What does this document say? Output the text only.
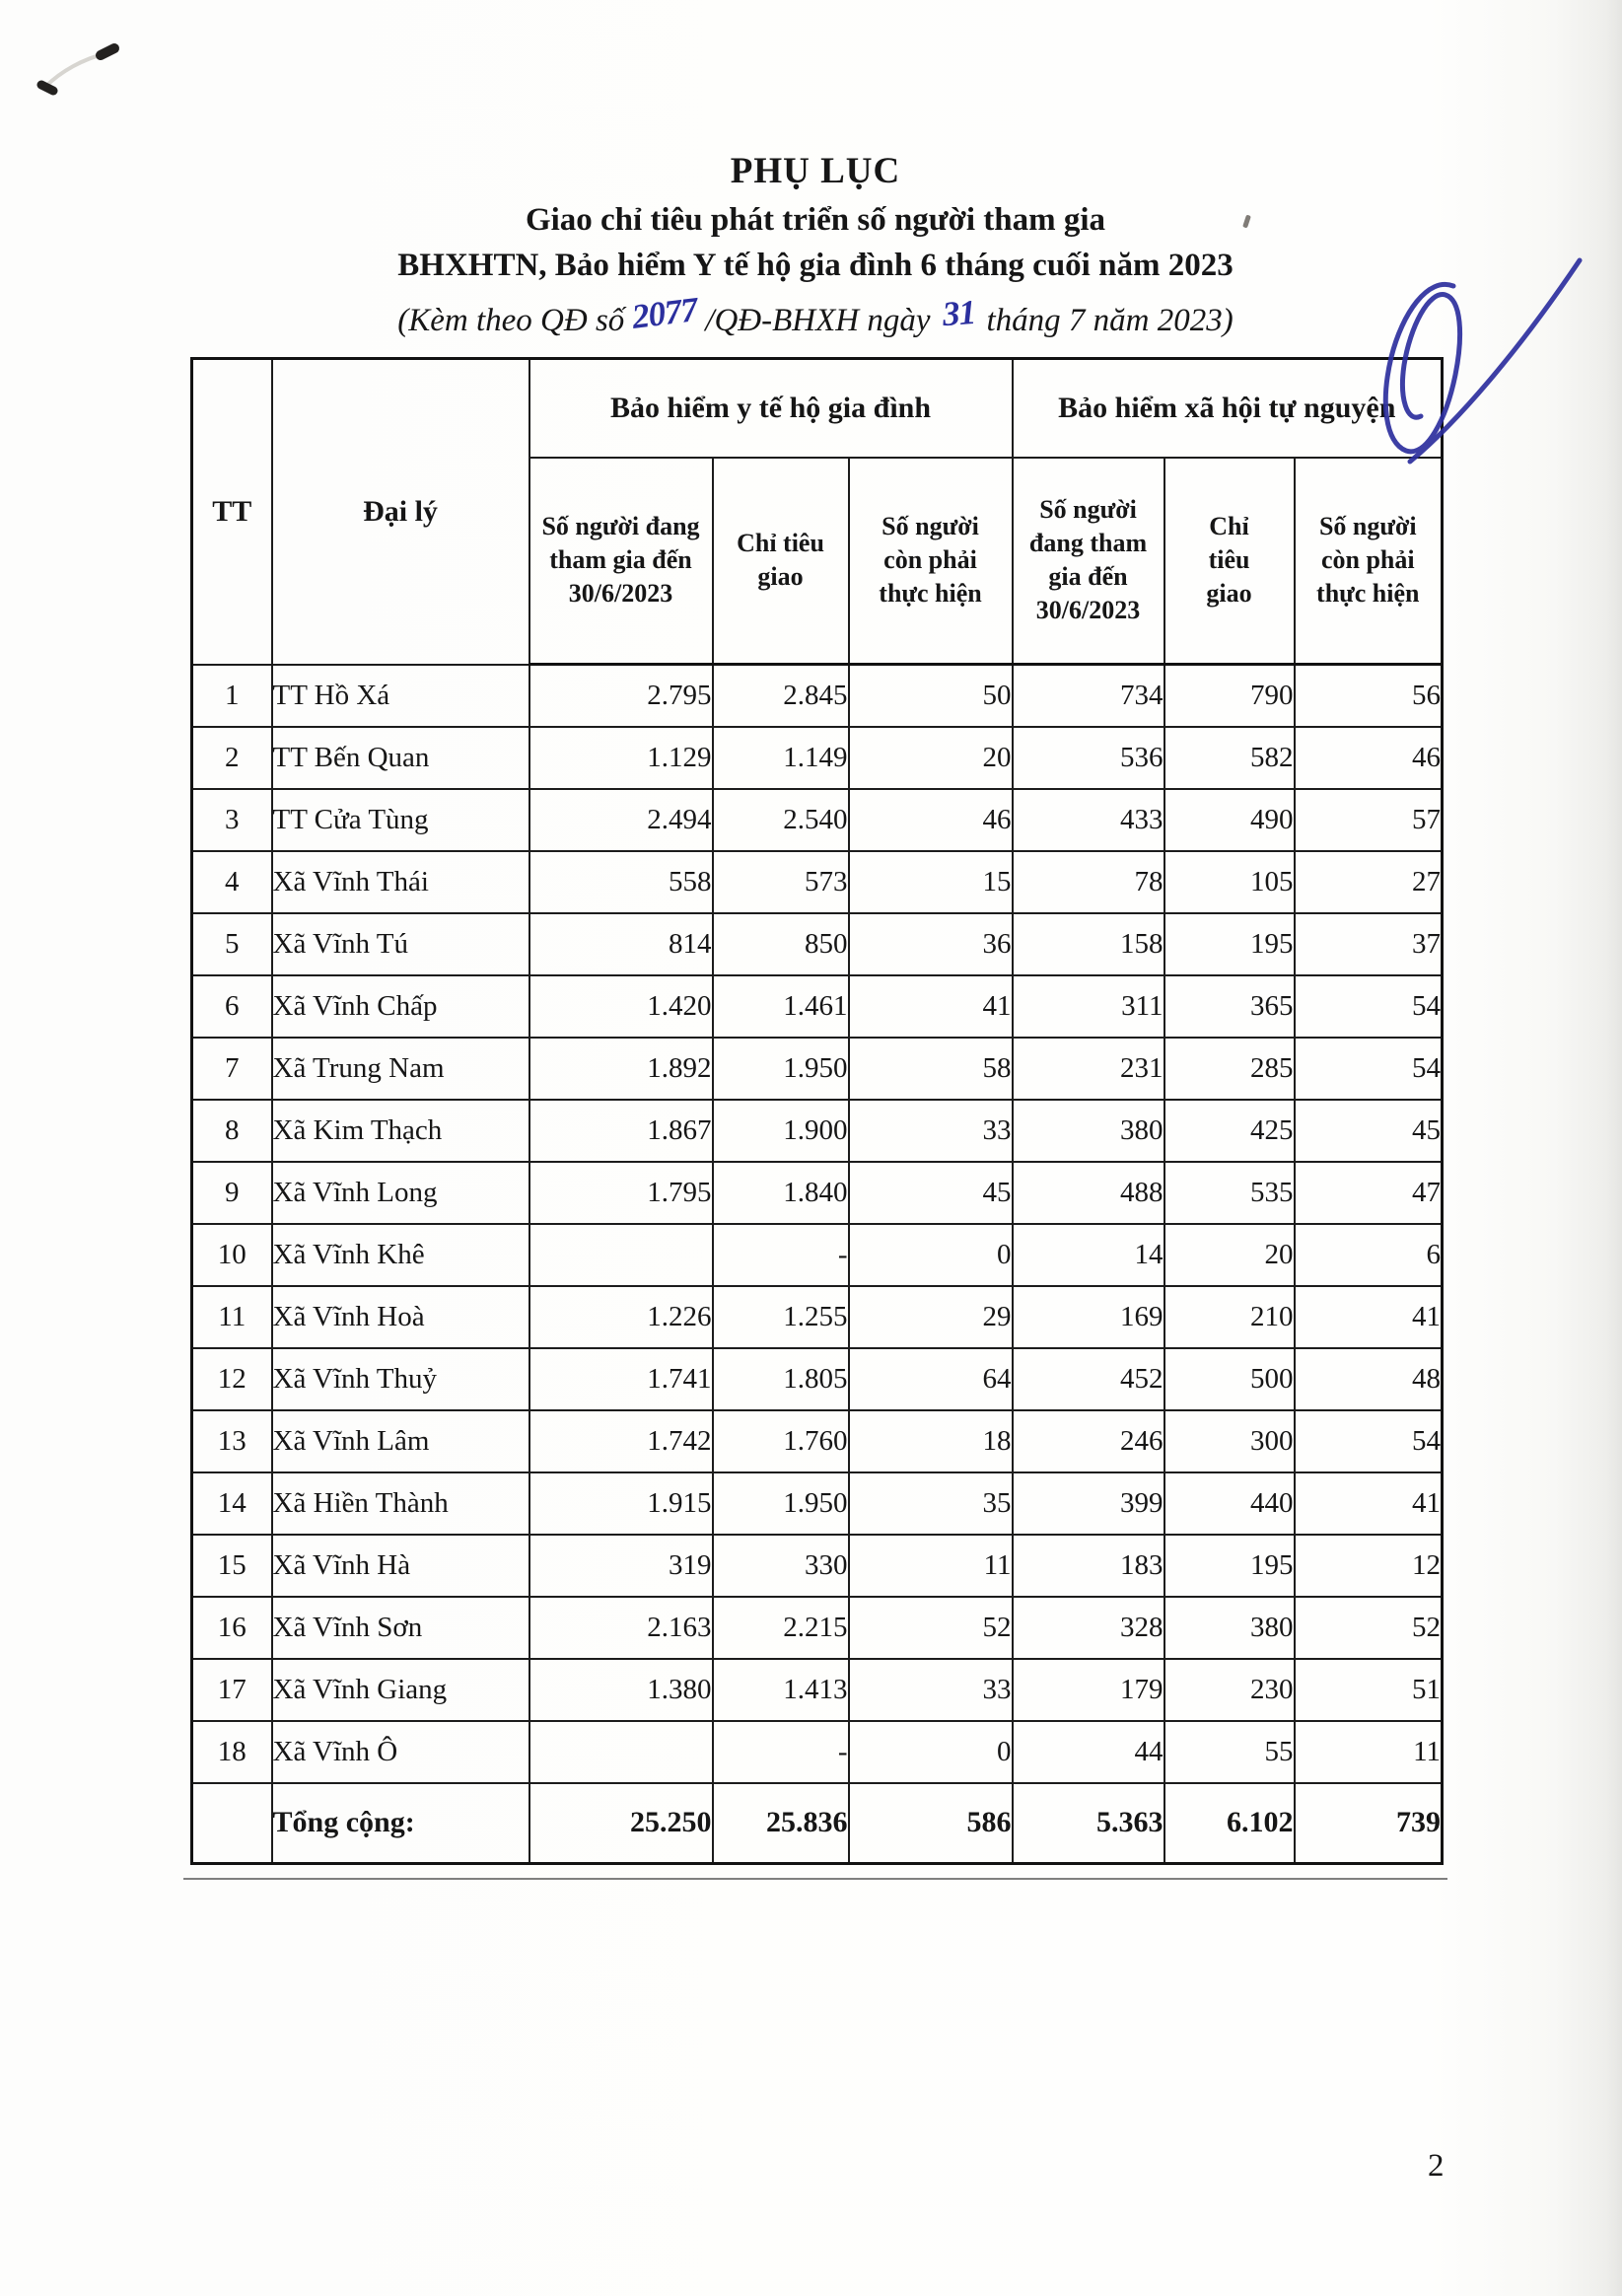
PHỤ LỤC
Giao chỉ tiêu phát triển số người tham gia
BHXHTN, Bảo hiểm Y tế hộ gia đình 6 tháng cuối năm 2023
(Kèm theo QĐ số 2077 /QĐ-BHXH ngày 31 tháng 7 năm 2023)
TT	Đại lý	Bảo hiểm y tế hộ gia đình			Bảo hiểm xã hội tự nguyện		
		Số người đang tham gia đến 30/6/2023	Chỉ tiêu giao	Số người còn phải thực hiện	Số người đang tham gia đến 30/6/2023	Chỉ tiêu giao	Số người còn phải thực hiện
1	TT Hồ Xá	2.795	2.845	50	734	790	56
2	TT Bến Quan	1.129	1.149	20	536	582	46
3	TT Cửa Tùng	2.494	2.540	46	433	490	57
4	Xã Vĩnh Thái	558	573	15	78	105	27
5	Xã Vĩnh Tú	814	850	36	158	195	37
6	Xã Vĩnh Chấp	1.420	1.461	41	311	365	54
7	Xã Trung Nam	1.892	1.950	58	231	285	54
8	Xã Kim Thạch	1.867	1.900	33	380	425	45
9	Xã Vĩnh Long	1.795	1.840	45	488	535	47
10	Xã Vĩnh Khê		-	0	14	20	6
11	Xã Vĩnh Hoà	1.226	1.255	29	169	210	41
12	Xã Vĩnh Thuỷ	1.741	1.805	64	452	500	48
13	Xã Vĩnh Lâm	1.742	1.760	18	246	300	54
14	Xã Hiền Thành	1.915	1.950	35	399	440	41
15	Xã Vĩnh Hà	319	330	11	183	195	12
16	Xã Vĩnh Sơn	2.163	2.215	52	328	380	52
17	Xã Vĩnh Giang	1.380	1.413	33	179	230	51
18	Xã Vĩnh Ô		-	0	44	55	11
	Tổng cộng:	25.250	25.836	586	5.363	6.102	739
2
